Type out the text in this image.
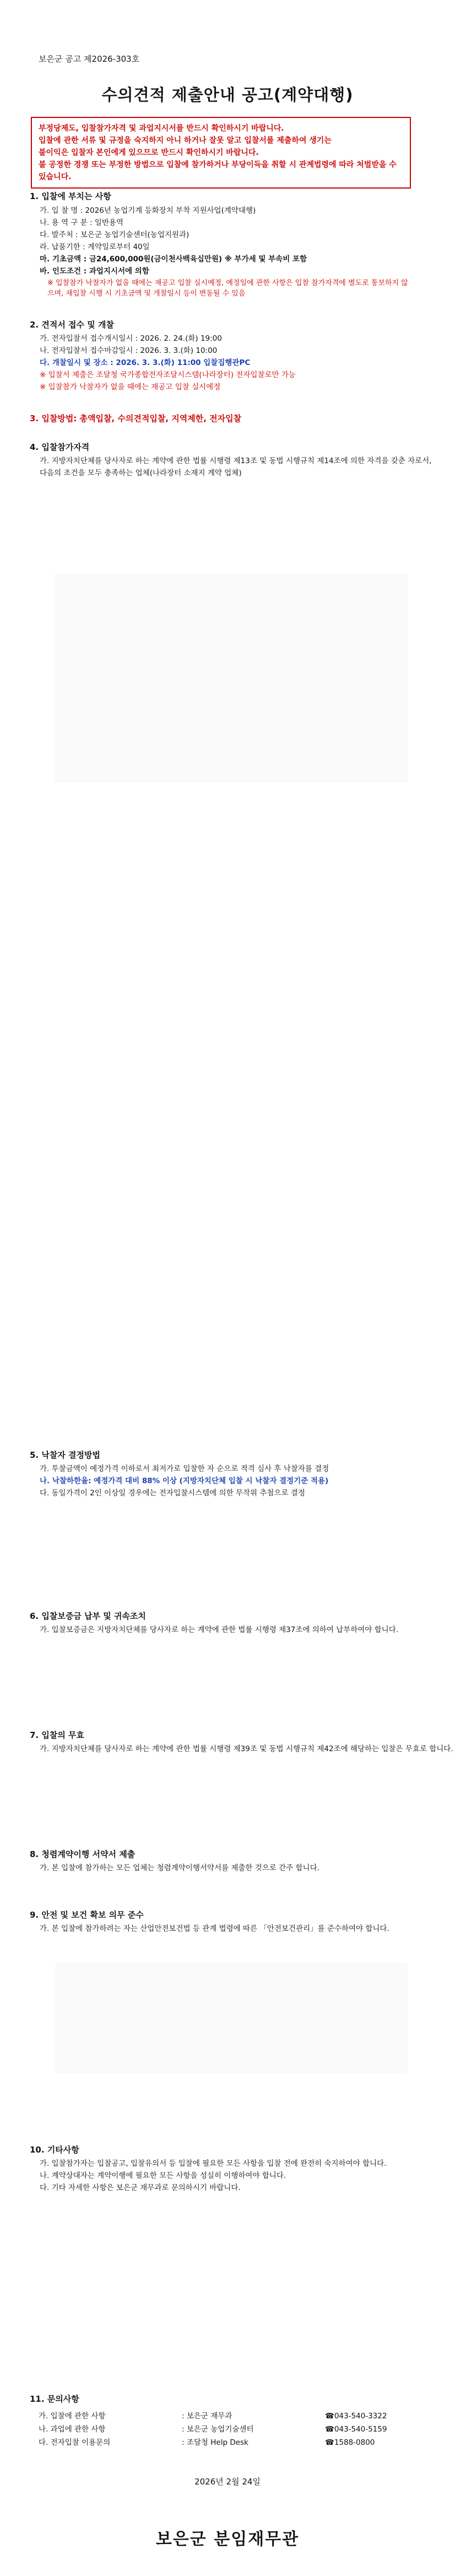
보은군 공고 제2026-303호
수의견적 제출안내 공고(계약대행)
부정당제도, 입찰참가자격 및 과업지시서를 반드시 확인하시기 바랍니다.
입찰에 관한 서류 및 규정을 숙지하지 아니 하거나 잘못 알고 입찰서를 제출하여 생기는
불이익은 입찰자 본인에게 있으므로 반드시 확인하시기 바랍니다.
불 공정한 경쟁 또는 부정한 방법으로 입찰에 참가하거나 부당이득을 취할 시 관계법령에 따라 처벌받을 수 있습니다.
1. 입찰에 부치는 사항
가. 입 찰 명 : 2026년 농업기계 등화장치 부착 지원사업(계약대행)
나. 용 역 구 분 : 일반용역
다. 발주처 : 보은군 농업기술센터(농업지원과)
라. 납품기한 : 계약일로부터 40일
마. 기초금액 : 금24,600,000원(금이천사백육십만원) ※ 부가세 및 부속비 포함
바. 인도조건 : 과업지시서에 의함
※ 입찰참가 낙찰자가 없을 때에는 재공고 입찰 실시예정, 예정일에 관한 사항은 입찰 참가자격에 별도로 통보하지 않으며, 재입찰 시행 시 기초금액 및 개찰일시 등이 변동될 수 있음
2. 견적서 접수 및 개찰
가. 전자입찰서 접수개시일시 : 2026. 2. 24.(화) 19:00
나. 전자입찰서 접수마감일시 : 2026. 3. 3.(화) 10:00
다. 개찰일시 및 장소 : 2026. 3. 3.(화) 11:00 입찰집행관PC
※ 입찰서 제출은 조달청 국가종합전자조달시스템(나라장터) 전자입찰로만 가능
※ 입찰참가 낙찰자가 없을 때에는 재공고 입찰 실시예정
3. 입찰방법: 총액입찰, 수의견적입찰, 지역제한, 전자입찰
4. 입찰참가자격
가. 지방자치단체를 당사자로 하는 계약에 관한 법률 시행령 제13조 및 동법 시행규칙 제14조에 의한 자격을 갖춘 자로서,
다음의 조건을 모두 충족하는 업체(나라장터 소재지 계약 업체)
5. 낙찰자 결정방법
가. 투찰금액이 예정가격 이하로서 최저가로 입찰한 자 순으로 적격 심사 후 낙찰자를 결정
나. 낙찰하한율: 예정가격 대비 88% 이상 (지방자치단체 입찰 시 낙찰자 결정기준 적용)
다. 동일가격이 2인 이상일 경우에는 전자입찰시스템에 의한 무작위 추첨으로 결정
6. 입찰보증금 납부 및 귀속조치
가. 입찰보증금은 지방자치단체를 당사자로 하는 계약에 관한 법률 시행령 제37조에 의하여 납부하여야 합니다.
7. 입찰의 무효
가. 지방자치단체를 당사자로 하는 계약에 관한 법률 시행령 제39조 및 동법 시행규칙 제42조에 해당하는 입찰은 무효로 합니다.
8. 청렴계약이행 서약서 제출
가. 본 입찰에 참가하는 모든 업체는 청렴계약이행서약서를 제출한 것으로 간주 합니다.
9. 안전 및 보건 확보 의무 준수
가. 본 입찰에 참가하려는 자는 산업안전보건법 등 관계 법령에 따른 「안전보건관리」를 준수하여야 합니다.
10. 기타사항
가. 입찰참가자는 입찰공고, 입찰유의서 등 입찰에 필요한 모든 사항을 입찰 전에 완전히 숙지하여야 합니다.
나. 계약상대자는 계약이행에 필요한 모든 사항을 성실히 이행하여야 합니다.
다. 기타 자세한 사항은 보은군 재무과로 문의하시기 바랍니다.
11. 문의사항
가. 입찰에 관한 사항	: 보은군 재무과	☎043-540-3322
나. 과업에 관한 사항	: 보은군 농업기술센터	☎043-540-5159
다. 전자입찰 이용문의	: 조달청 Help Desk	☎1588-0800
2026년 2월 24일
보은군 분임재무관
